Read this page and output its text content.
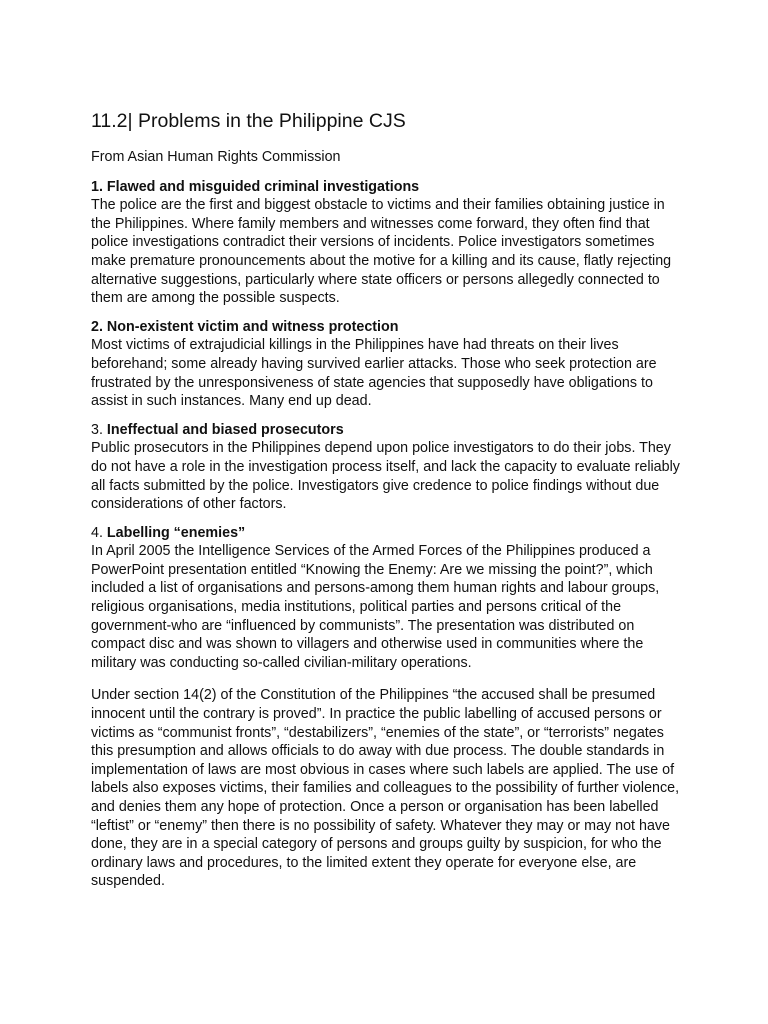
11.2| Problems in the Philippine CJS

From Asian Human Rights Commission

1. Flawed and misguided criminal investigations

The police are the first and biggest obstacle to victims and their families obtaining justice in the Philippines. Where family members and witnesses come forward, they often find that police investigations contradict their versions of incidents. Police investigators sometimes make premature pronouncements about the motive for a killing and its cause, flatly rejecting alternative suggestions, particularly where state officers or persons allegedly connected to them are among the possible suspects.

2. Non-existent victim and witness protection

Most victims of extrajudicial killings in the Philippines have had threats on their lives beforehand; some already having survived earlier attacks. Those who seek protection are frustrated by the unresponsiveness of state agencies that supposedly have obligations to assist in such instances. Many end up dead.

3. Ineffectual and biased prosecutors

Public prosecutors in the Philippines depend upon police investigators to do their jobs. They do not have a role in the investigation process itself, and lack the capacity to evaluate reliably all facts submitted by the police. Investigators give credence to police findings without due considerations of other factors.

4. Labelling “enemies”

In April 2005 the Intelligence Services of the Armed Forces of the Philippines produced a PowerPoint presentation entitled “Knowing the Enemy: Are we missing the point?”, which included a list of organisations and persons-among them human rights and labour groups, religious organisations, media institutions, political parties and persons critical of the government-who are “influenced by communists”. The presentation was distributed on compact disc and was shown to villagers and otherwise used in communities where the military was conducting so-called civilian-military operations.

Under section 14(2) of the Constitution of the Philippines “the accused shall be presumed innocent until the contrary is proved”. In practice the public labelling of accused persons or victims as “communist fronts”, “destabilizers”, “enemies of the state”, or “terrorists” negates this presumption and allows officials to do away with due process. The double standards in implementation of laws are most obvious in cases where such labels are applied. The use of labels also exposes victims, their families and colleagues to the possibility of further violence, and denies them any hope of protection. Once a person or organisation has been labelled “leftist” or “enemy” then there is no possibility of safety. Whatever they may or may not have done, they are in a special category of persons and groups guilty by suspicion, for who the ordinary laws and procedures, to the limited extent they operate for everyone else, are suspended.
